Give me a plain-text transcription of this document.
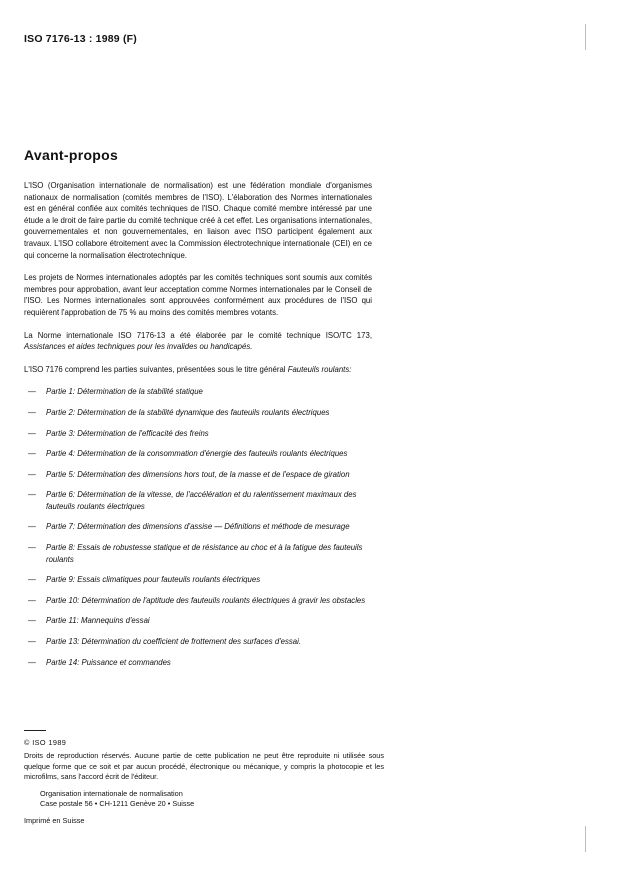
ISO 7176-13 : 1989 (F)
Avant-propos

L'ISO (Organisation internationale de normalisation) est une fédération mondiale d'organismes nationaux de normalisation (comités membres de l'ISO). L'élaboration des Normes internationales est en général confiée aux comités techniques de l'ISO. Chaque comité membre intéressé par une étude a le droit de faire partie du comité technique créé à cet effet. Les organisations internationales, gouvernementales et non gouvernementales, en liaison avec l'ISO participent également aux travaux. L'ISO collabore étroitement avec la Commission électrotechnique internationale (CEI) en ce qui concerne la normalisation électrotechnique.

Les projets de Normes internationales adoptés par les comités techniques sont soumis aux comités membres pour approbation, avant leur acceptation comme Normes internationales par le Conseil de l'ISO. Les Normes internationales sont approuvées conformément aux procédures de l'ISO qui requièrent l'approbation de 75 % au moins des comités membres votants.

La Norme internationale ISO 7176-13 a été élaborée par le comité technique ISO/TC 173, Assistances et aides techniques pour les invalides ou handicapés.

L'ISO 7176 comprend les parties suivantes, présentées sous le titre général Fauteuils roulants:

— Partie 1: Détermination de la stabilité statique
— Partie 2: Détermination de la stabilité dynamique des fauteuils roulants électriques
— Partie 3: Détermination de l'efficacité des freins
— Partie 4: Détermination de la consommation d'énergie des fauteuils roulants électriques
— Partie 5: Détermination des dimensions hors tout, de la masse et de l'espace de giration
— Partie 6: Détermination de la vitesse, de l'accélération et du ralentissement maximaux des fauteuils roulants électriques
— Partie 7: Détermination des dimensions d'assise — Définitions et méthode de mesurage
— Partie 8: Essais de robustesse statique et de résistance au choc et à la fatigue des fauteuils roulants
— Partie 9: Essais climatiques pour fauteuils roulants électriques
— Partie 10: Détermination de l'aptitude des fauteuils roulants électriques à gravir les obstacles
— Partie 11: Mannequins d'essai
— Partie 13: Détermination du coefficient de frottement des surfaces d'essai.
— Partie 14: Puissance et commandes
© ISO 1989
Droits de reproduction réservés. Aucune partie de cette publication ne peut être reproduite ni utilisée sous quelque forme que ce soit et par aucun procédé, électronique ou mécanique, y compris la photocopie et les microfilms, sans l'accord écrit de l'éditeur.
Organisation internationale de normalisation
Case postale 56 • CH-1211 Genève 20 • Suisse
Imprimé en Suisse
